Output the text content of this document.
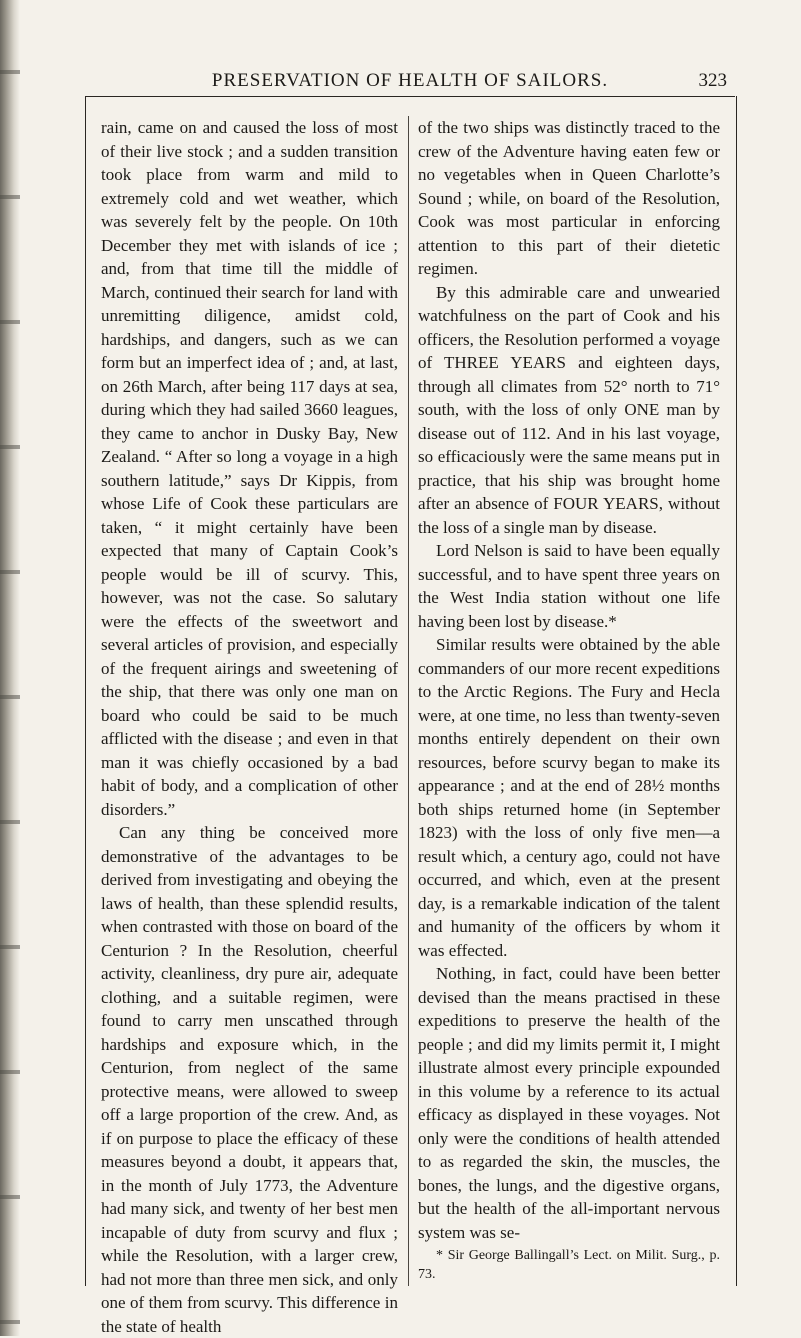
PRESERVATION OF HEALTH OF SAILORS.	323

rain, came on and caused the loss of most of their live stock ; and a sudden transition took place from warm and mild to extremely cold and wet weather, which was severely felt by the people. On 10th December they met with islands of ice ; and, from that time till the middle of March, continued their search for land with unremitting diligence, amidst cold, hardships, and dangers, such as we can form but an imperfect idea of ; and, at last, on 26th March, after being 117 days at sea, during which they had sailed 3660 leagues, they came to anchor in Dusky Bay, New Zealand. “ After so long a voyage in a high southern latitude,” says Dr Kippis, from whose Life of Cook these particulars are taken, “ it might certainly have been expected that many of Captain Cook’s people would be ill of scurvy. This, however, was not the case. So salutary were the effects of the sweetwort and several articles of provision, and especially of the frequent airings and sweetening of the ship, that there was only one man on board who could be said to be much afflicted with the disease ; and even in that man it was chiefly occasioned by a bad habit of body, and a complication of other disorders.”

Can any thing be conceived more demonstrative of the advantages to be derived from investigating and obeying the laws of health, than these splendid results, when contrasted with those on board of the Centurion ? In the Resolution, cheerful activity, cleanliness, dry pure air, adequate clothing, and a suitable regimen, were found to carry men unscathed through hardships and exposure which, in the Centurion, from neglect of the same protective means, were allowed to sweep off a large proportion of the crew. And, as if on purpose to place the efficacy of these measures beyond a doubt, it appears that, in the month of July 1773, the Adventure had many sick, and twenty of her best men incapable of duty from scurvy and flux ; while the Resolution, with a larger crew, had not more than three men sick, and only one of them from scurvy. This difference in the state of health

of the two ships was distinctly traced to the crew of the Adventure having eaten few or no vegetables when in Queen Charlotte’s Sound ; while, on board of the Resolution, Cook was most particular in enforcing attention to this part of their dietetic regimen.

By this admirable care and unwearied watchfulness on the part of Cook and his officers, the Resolution performed a voyage of THREE YEARS and eighteen days, through all climates from 52° north to 71° south, with the loss of only ONE man by disease out of 112. And in his last voyage, so efficaciously were the same means put in practice, that his ship was brought home after an absence of FOUR YEARS, without the loss of a single man by disease.

Lord Nelson is said to have been equally successful, and to have spent three years on the West India station without one life having been lost by disease.*

Similar results were obtained by the able commanders of our more recent expeditions to the Arctic Regions. The Fury and Hecla were, at one time, no less than twenty-seven months entirely dependent on their own resources, before scurvy began to make its appearance ; and at the end of 28½ months both ships returned home (in September 1823) with the loss of only five men—a result which, a century ago, could not have occurred, and which, even at the present day, is a remarkable indication of the talent and humanity of the officers by whom it was effected.

Nothing, in fact, could have been better devised than the means practised in these expeditions to preserve the health of the people ; and did my limits permit it, I might illustrate almost every principle expounded in this volume by a reference to its actual efficacy as displayed in these voyages. Not only were the conditions of health attended to as regarded the skin, the muscles, the bones, the lungs, and the digestive organs, but the health of the all-important nervous system was se-

* Sir George Ballingall’s Lect. on Milit. Surg., p. 73.
